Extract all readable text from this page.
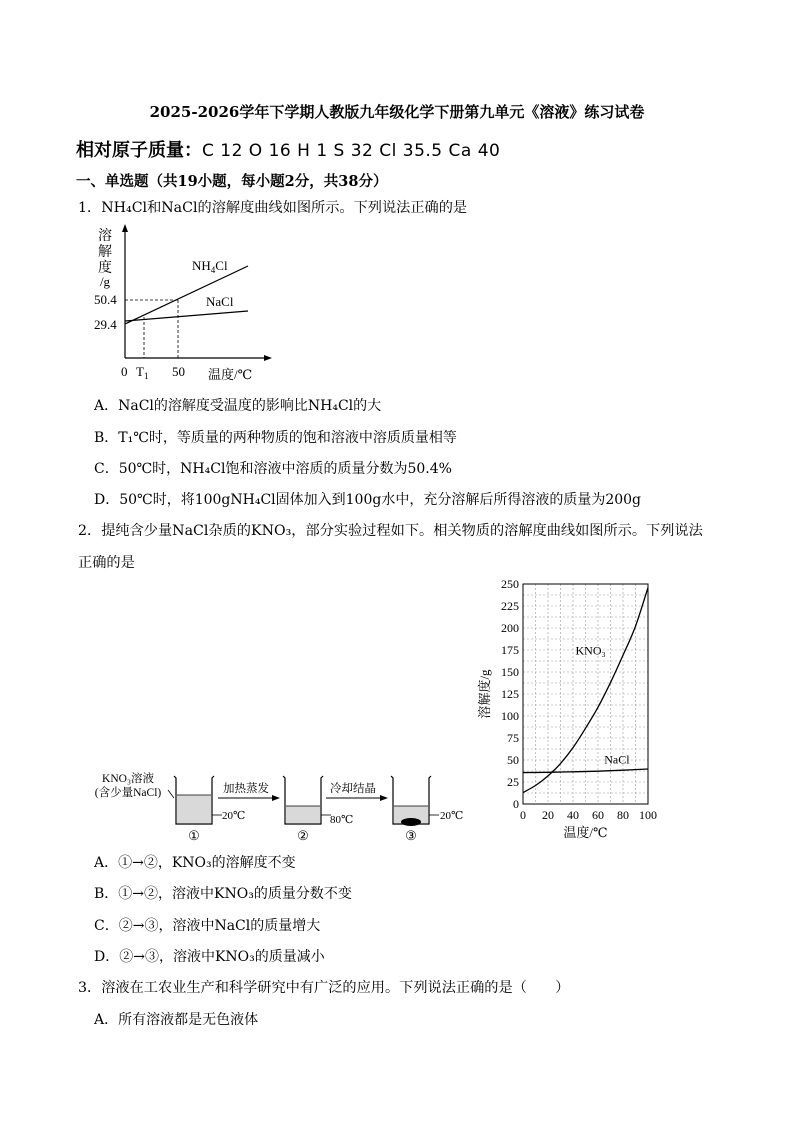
2025-2026学年下学期人教版九年级化学下册第九单元《溶液》练习试卷
相对原子质量：C 12 O 16 H 1 S 32 Cl 35.5 Ca 40
一、单选题（共19小题，每小题2分，共38分）
1．NH₄Cl和NaCl的溶解度曲线如图所示。下列说法正确的是
溶
解
度
/g
50.4
29.4
0 $T_1$ 50 温度/℃
$NH_4Cl$
NaCl
A．NaCl的溶解度受温度的影响比NH₄Cl的大
B．T₁℃时，等质量的两种物质的饱和溶液中溶质质量相等
C．50℃时，NH₄Cl饱和溶液中溶质的质量分数为50.4%
D．50℃时，将100gNH₄Cl固体加入到100g水中，充分溶解后所得溶液的质量为200g
2．提纯含少量NaCl杂质的KNO₃，部分实验过程如下。相关物质的溶解度曲线如图所示。下列说法
正确的是
KNO₃溶液
(含少量NaCl)
20℃
①
加热蒸发
80℃
②
冷却结晶
20℃
③
0
25
50
75
100
125
150
175
200
225
250
0 20 40 60 80 100
温度/℃
溶解度/g
KNO₃
NaCl
A．①→②，KNO₃的溶解度不变
B．①→②，溶液中KNO₃的质量分数不变
C．②→③，溶液中NaCl的质量增大
D．②→③，溶液中KNO₃的质量减小
3．溶液在工农业生产和科学研究中有广泛的应用。下列说法正确的是（　　）
A．所有溶液都是无色液体
